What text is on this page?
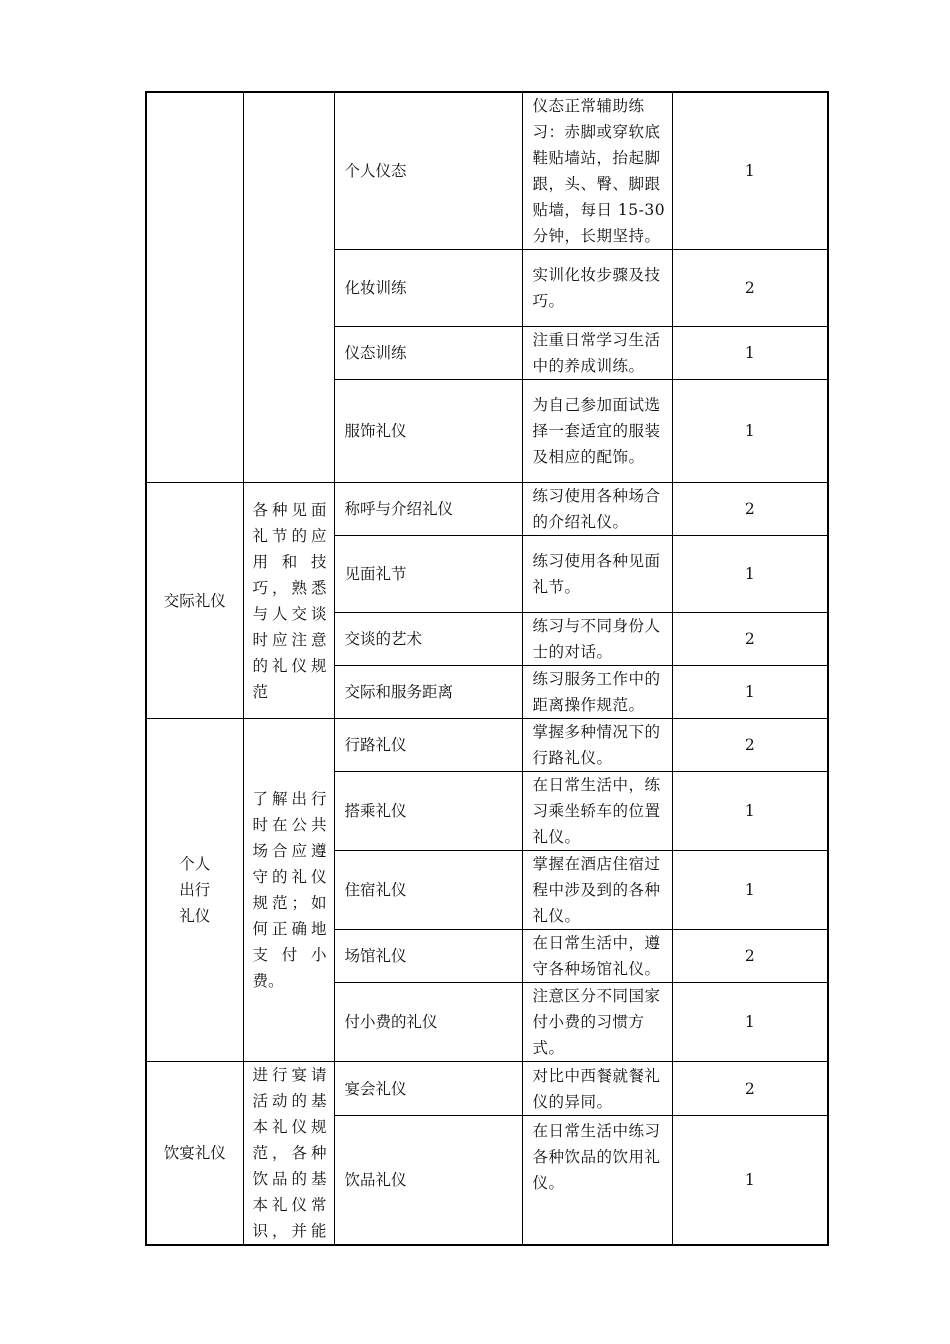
		个人仪态	仪态正常辅助练习：赤脚或穿软底鞋贴墙站，抬起脚跟，头、臀、脚跟贴墙，每日 15-30 分钟，长期坚持。	1
		化妆训练	实训化妆步骤及技巧。	2
		仪态训练	注重日常学习生活中的养成训练。	1
		服饰礼仪	为自己参加面试选择一套适宜的服装及相应的配饰。	1
交际礼仪	各种见面礼节的应用和技巧，熟悉与人交谈时应注意的礼仪规范	称呼与介绍礼仪	练习使用各种场合的介绍礼仪。	2
		见面礼节	练习使用各种见面礼节。	1
		交谈的艺术	练习与不同身份人士的对话。	2
		交际和服务距离	练习服务工作中的距离操作规范。	1
个人出行礼仪	了解出行时在公共场合应遵守的礼仪规范；如何正确地支付小费。	行路礼仪	掌握多种情况下的行路礼仪。	2
		搭乘礼仪	在日常生活中，练习乘坐轿车的位置礼仪。	1
		住宿礼仪	掌握在酒店住宿过程中涉及到的各种礼仪。	1
		场馆礼仪	在日常生活中，遵守各种场馆礼仪。	2
		付小费的礼仪	注意区分不同国家付小费的习惯方式。	1
饮宴礼仪	进行宴请活动的基本礼仪规范，各种饮品的基本礼仪常识，并能	宴会礼仪	对比中西餐就餐礼仪的异同。	2
		饮品礼仪	在日常生活中练习各种饮品的饮用礼仪。	1
